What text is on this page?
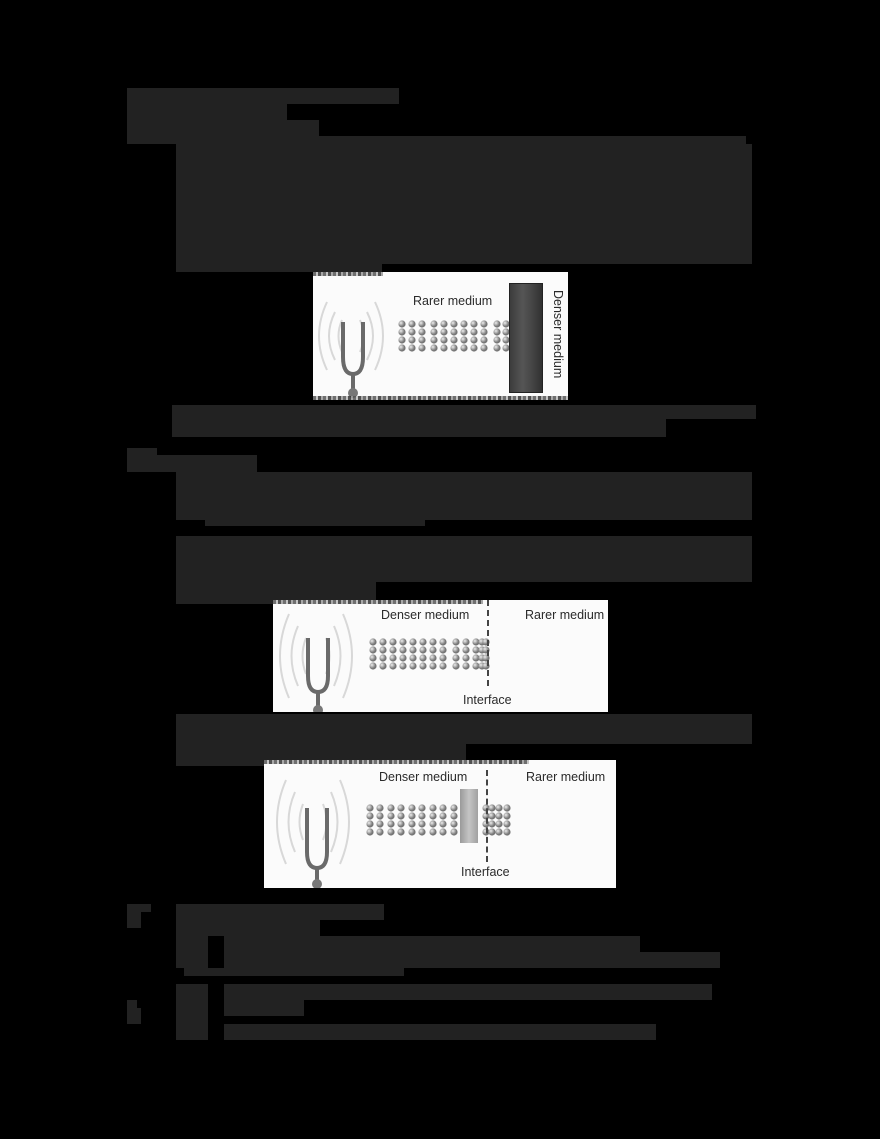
Rarer medium	Denser medium
Denser medium	Rarer medium
Interface
Denser medium	Rarer medium
Interface
